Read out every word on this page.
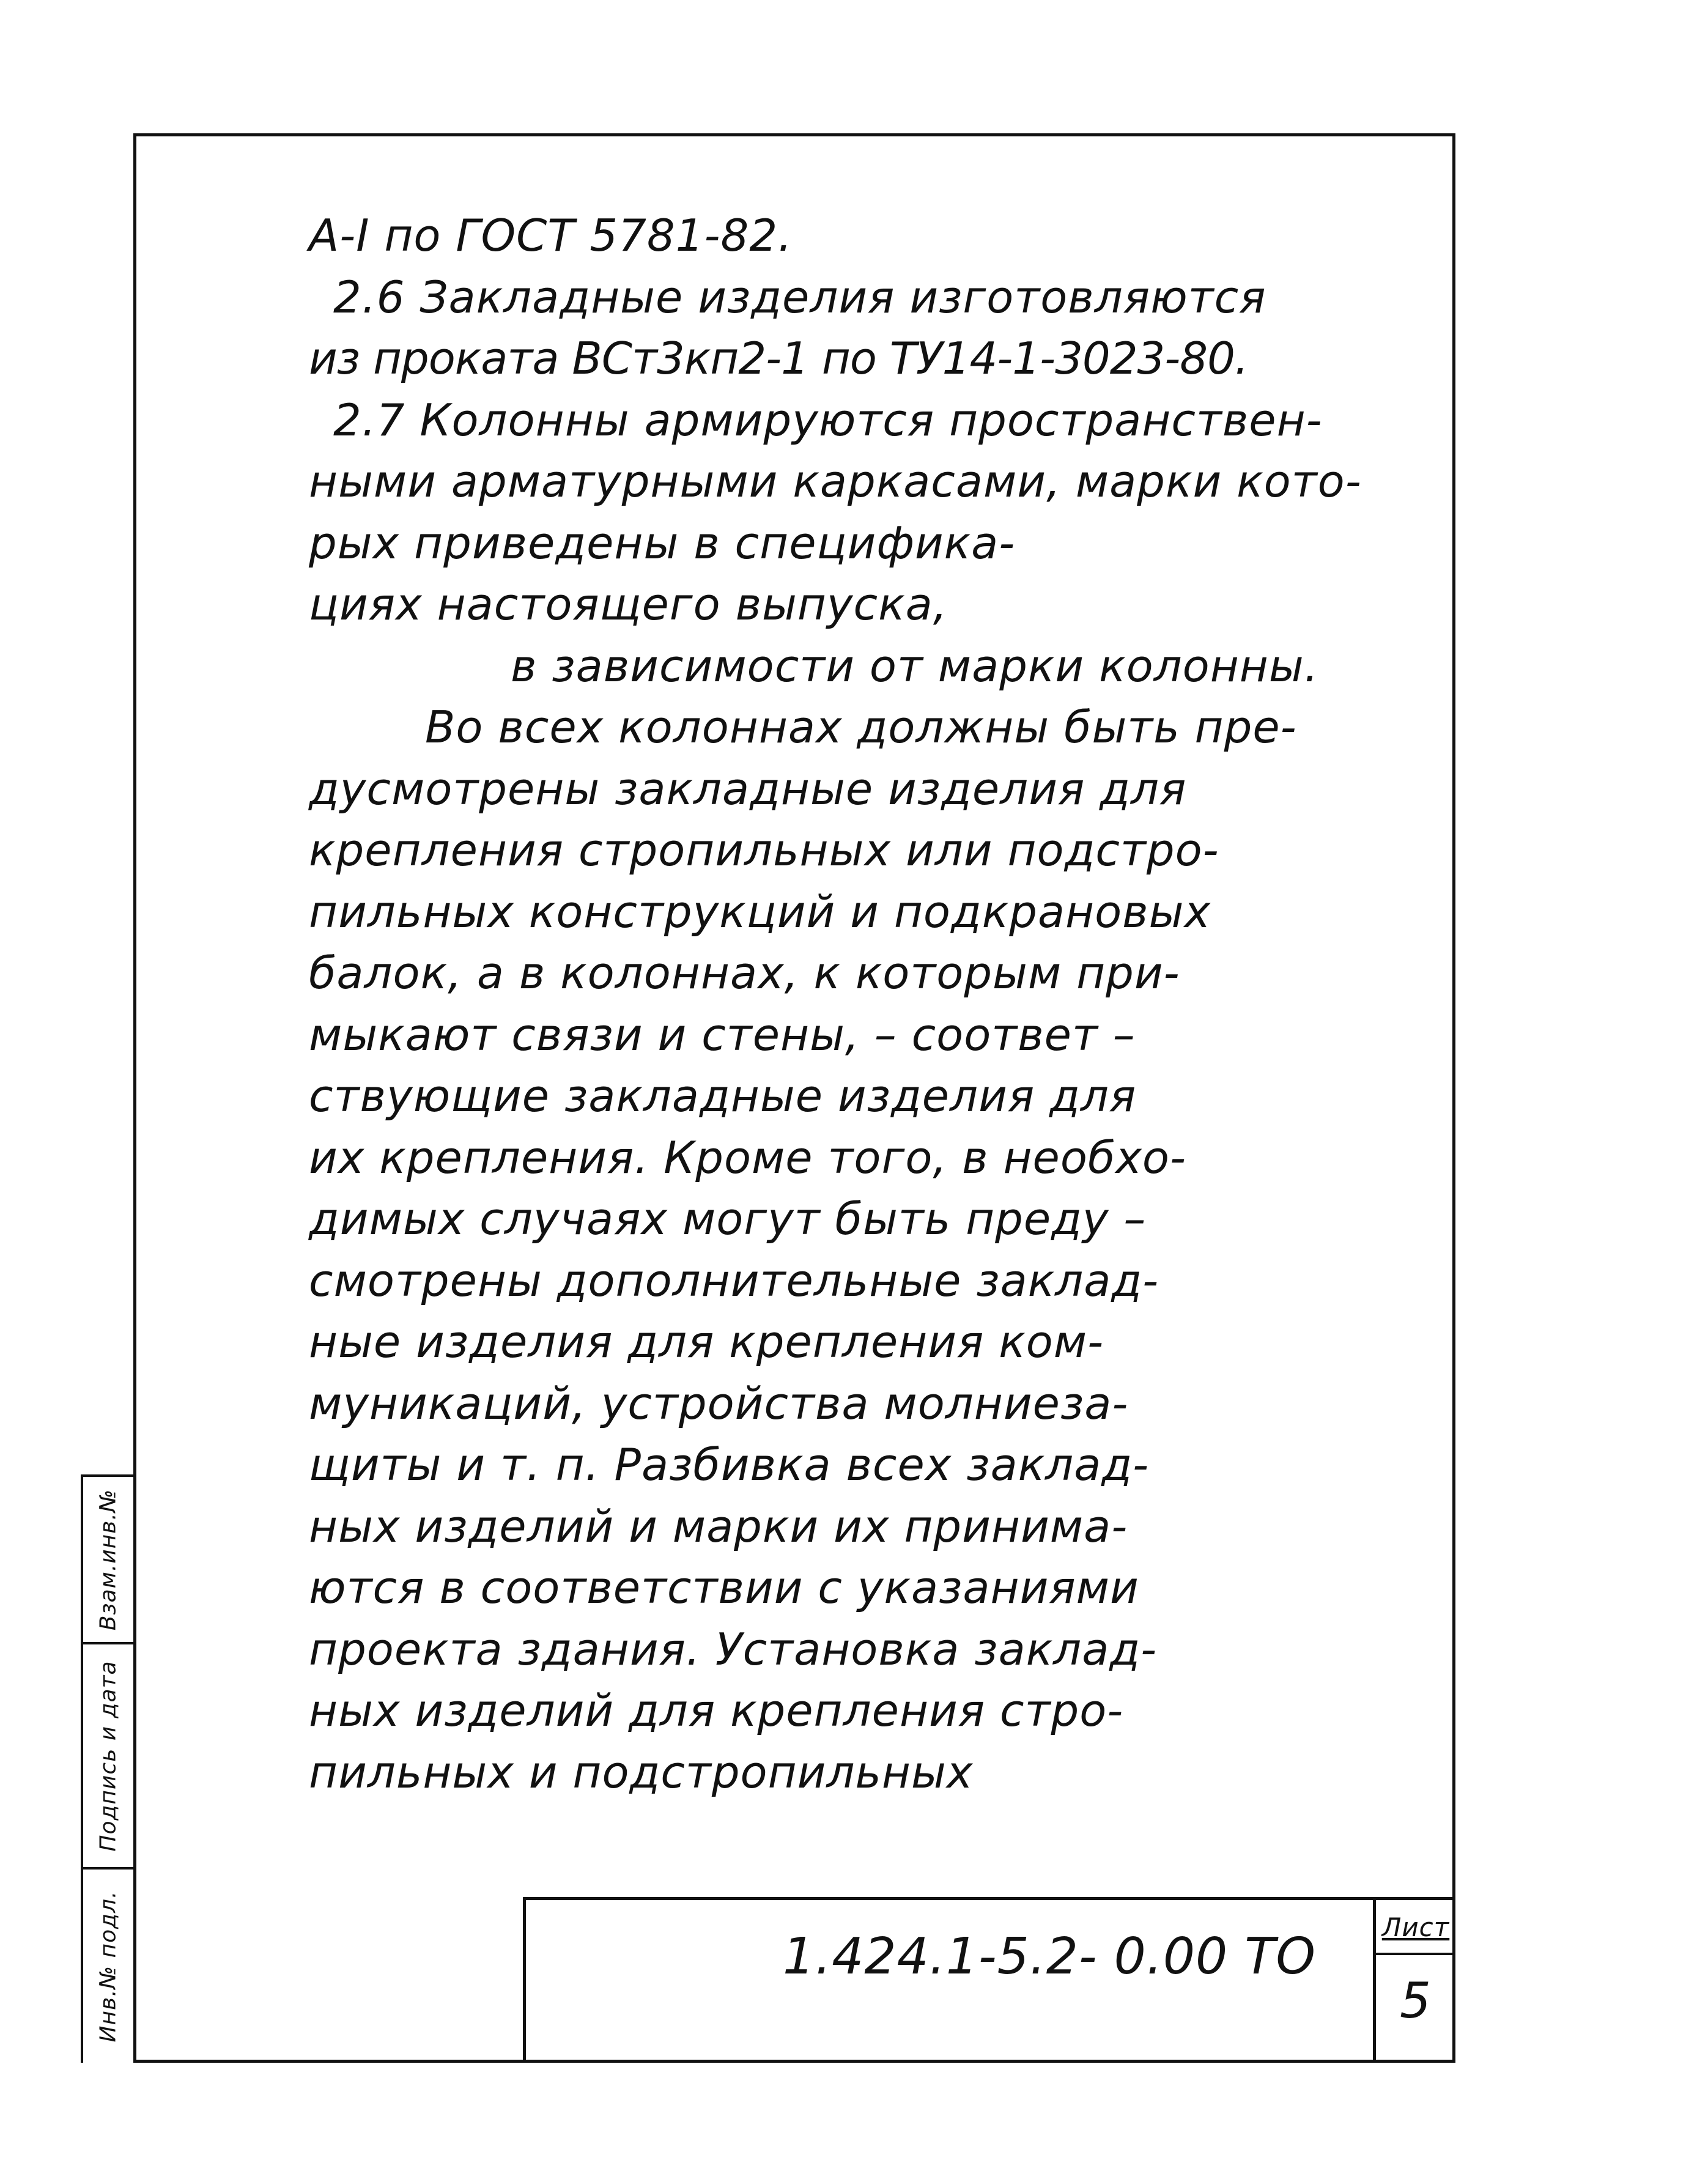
А-I по ГОСТ 5781-82.
2.6 Закладные изделия изготовляются
из проката ВСт3кп2-1 по ТУ14-1-3023-80.
2.7 Колонны армируются пространствен-
ными арматурными каркасами, марки кото-
рых приведены в спецификa-
циях настоящего выпуска,
в зависимости от марки колонны.
Во всех колоннах должны быть пре-
дусмотрены закладные изделия для
крепления стропильных или подстро-
пильных конструкций и подкрановых
балок, а в колоннах, к которым при-
мыкают связи и стены, – соответ –
ствующие закладные изделия для
их крепления. Кроме того, в необхо-
димых случаях могут быть преду –
смотрены дополнительные заклад-
ные изделия для крепления ком-
муникаций, устройства молниеза-
щиты и т. п. Разбивка всех заклад-
ных изделий и марки их принима-
ются в соответствии с указаниями
проекта здания. Установка заклад-
ных изделий для крепления стро-
пильных и подстропильных
Взам.инв.№
Подпись и дата
Инв.№ подл.	1.424.1-5.2- 0.00 ТО
Лист
5
